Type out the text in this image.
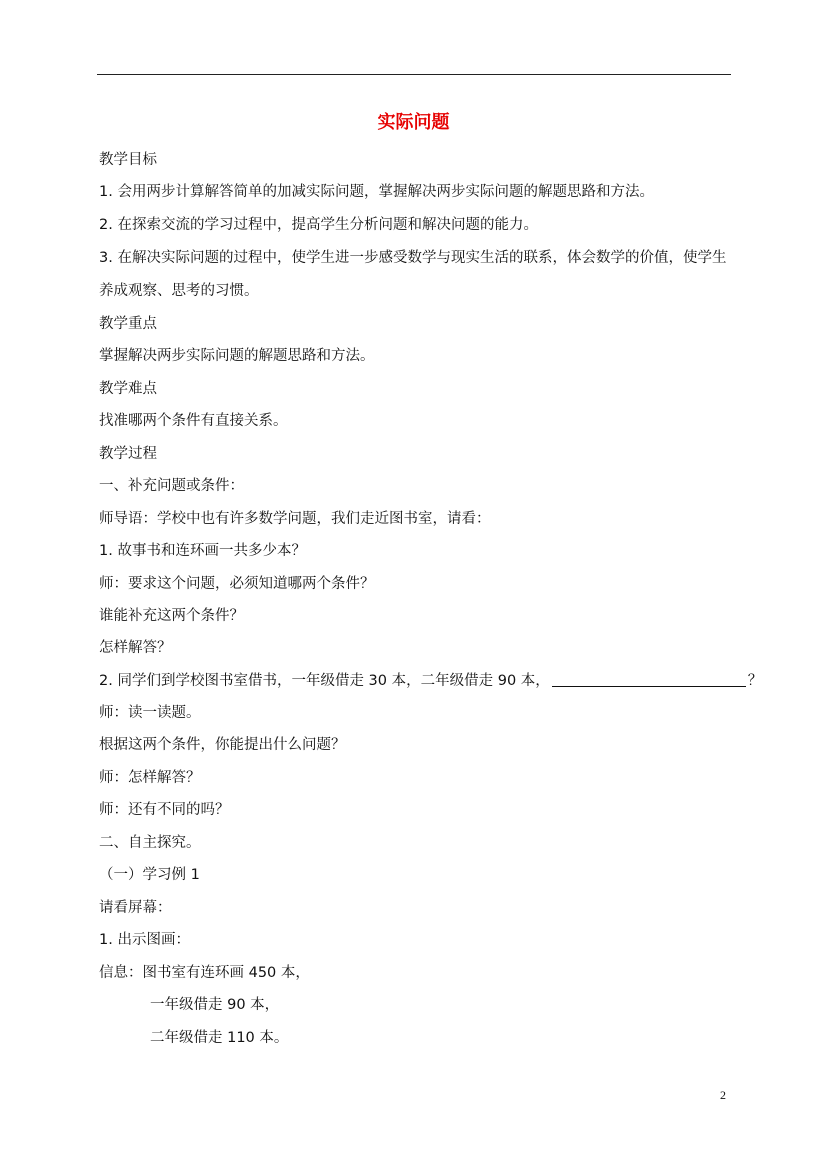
实际问题
教学目标
1. 会用两步计算解答简单的加减实际问题，掌握解决两步实际问题的解题思路和方法。
2. 在探索交流的学习过程中，提高学生分析问题和解决问题的能力。
3. 在解决实际问题的过程中，使学生进一步感受数学与现实生活的联系，体会数学的价值，使学生
养成观察、思考的习惯。
教学重点
掌握解决两步实际问题的解题思路和方法。
教学难点
找准哪两个条件有直接关系。
教学过程
一、补充问题或条件：
师导语：学校中也有许多数学问题，我们走近图书室，请看：
1. 故事书和连环画一共多少本？
师：要求这个问题，必须知道哪两个条件？
谁能补充这两个条件？
怎样解答？
2. 同学们到学校图书室借书，一年级借走 30 本，二年级借走 90 本，	？
师：读一读题。
根据这两个条件，你能提出什么问题？
师：怎样解答？
师：还有不同的吗？
二、自主探究。
（一）学习例 1
请看屏幕：
1. 出示图画：
信息：图书室有连环画 450 本，
一年级借走 90 本，
二年级借走 110 本。
2
